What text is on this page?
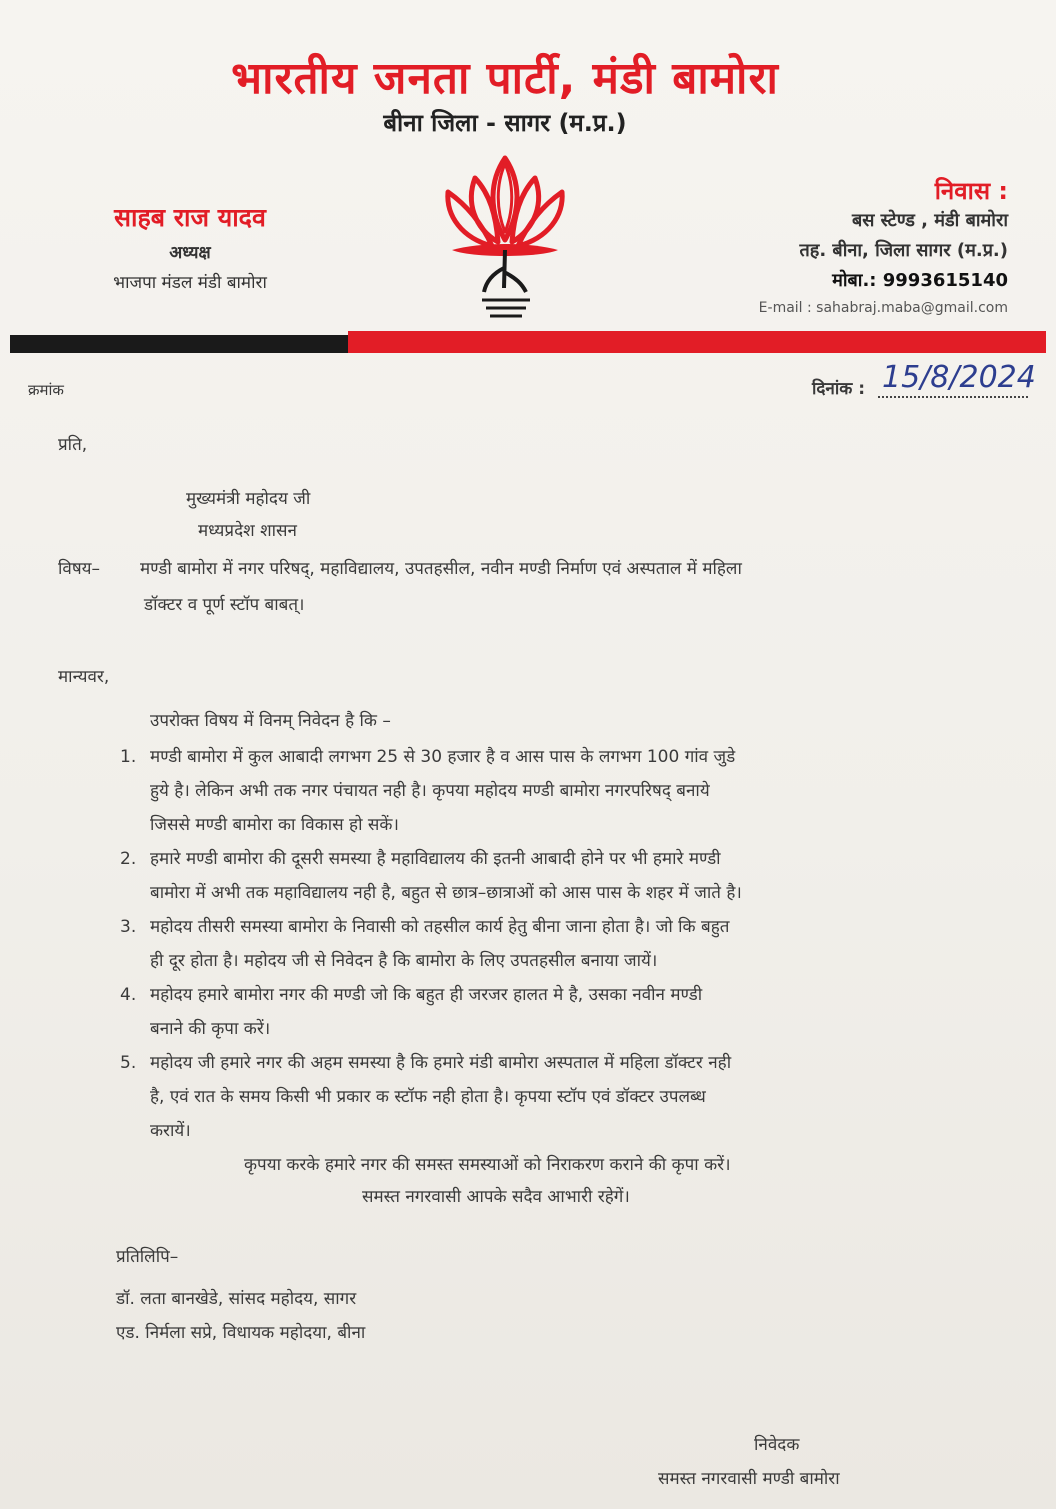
भारतीय जनता पार्टी, मंडी बामोरा
बीना जिला - सागर (म.प्र.)
साहब राज यादव
अध्यक्ष
भाजपा मंडल मंडी बामोरा
निवास :
बस स्टेण्ड , मंडी बामोरा
तह. बीना, जिला सागर (म.प्र.)
मोबा.: 9993615140
E-mail : sahabraj.maba@gmail.com
क्रमांक	दिनांक : 15/8/2024
प्रति,
मुख्यमंत्री महोदय जी
मध्यप्रदेश शासन
विषय– मण्डी बामोरा में नगर परिषद्, महाविद्यालय, उपतहसील, नवीन मण्डी निर्माण एवं अस्पताल में महिला
डॉक्टर व पूर्ण स्टॉप बाबत्।
मान्यवर,
उपरोक्त विषय में विनम् निवेदन है कि –
1. मण्डी बामोरा में कुल आबादी लगभग 25 से 30 हजार है व आस पास के लगभग 100 गांव जुडे
हुये है। लेकिन अभी तक नगर पंचायत नही है। कृपया महोदय मण्डी बामोरा नगरपरिषद् बनाये
जिससे मण्डी बामोरा का विकास हो सकें।
2. हमारे मण्डी बामोरा की दूसरी समस्या है महाविद्यालय की इतनी आबादी होने पर भी हमारे मण्डी
बामोरा में अभी तक महाविद्यालय नही है, बहुत से छात्र–छात्राओं को आस पास के शहर में जाते है।
3. महोदय तीसरी समस्या बामोरा के निवासी को तहसील कार्य हेतु बीना जाना होता है। जो कि बहुत
ही दूर होता है। महोदय जी से निवेदन है कि बामोरा के लिए उपतहसील बनाया जायें।
4. महोदय हमारे बामोरा नगर की मण्डी जो कि बहुत ही जरजर हालत मे है, उसका नवीन मण्डी
बनाने की कृपा करें।
5. महोदय जी हमारे नगर की अहम समस्या है कि हमारे मंडी बामोरा अस्पताल में महिला डॉक्टर नही
है, एवं रात के समय किसी भी प्रकार क स्टॉफ नही होता है। कृपया स्टॉप एवं डॉक्टर उपलब्ध
करायें।
कृपया करके हमारे नगर की समस्त समस्याओं को निराकरण कराने की कृपा करें।
समस्त नगरवासी आपके सदैव आभारी रहेगें।
प्रतिलिपि–
डॉ. लता बानखेडे, सांसद महोदय, सागर
एड. निर्मला सप्रे, विधायक महोदया, बीना
निवेदक
समस्त नगरवासी मण्डी बामोरा
